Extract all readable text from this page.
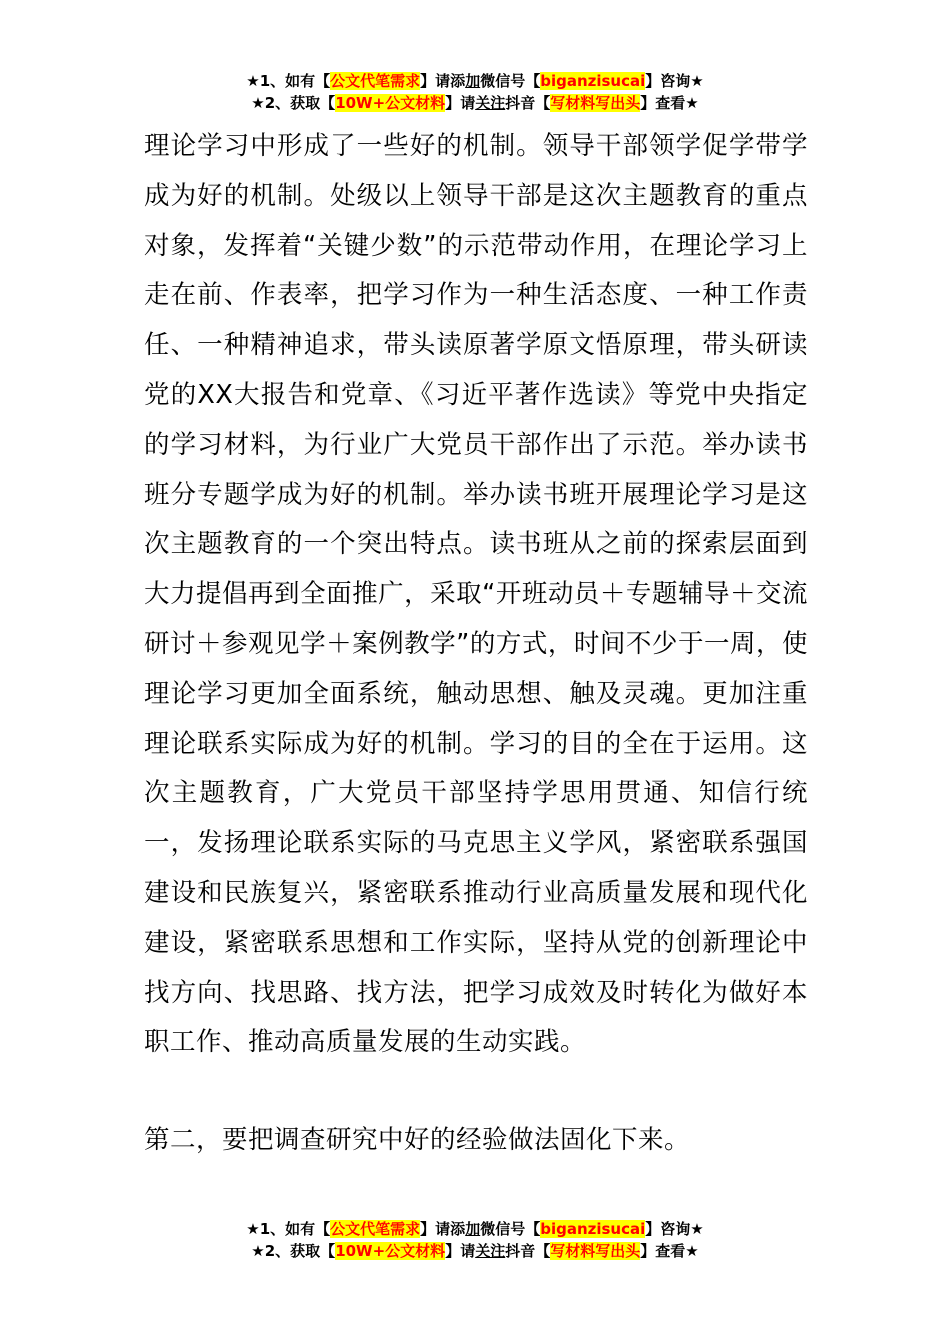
★1、如有【公文代笔需求】请添加微信号【biganzisucai】咨询★
★2、获取【10W+公文材料】请关注抖音【写材料写出头】查看★

理论学习中形成了一些好的机制。领导干部领学促学带学成为好的机制。处级以上领导干部是这次主题教育的重点对象，发挥着“关键少数”的示范带动作用，在理论学习上走在前、作表率，把学习作为一种生活态度、一种工作责任、一种精神追求，带头读原著学原文悟原理，带头研读党的XX大报告和党章、《习近平著作选读》等党中央指定的学习材料，为行业广大党员干部作出了示范。举办读书班分专题学成为好的机制。举办读书班开展理论学习是这次主题教育的一个突出特点。读书班从之前的探索层面到大力提倡再到全面推广，采取“开班动员＋专题辅导＋交流研讨＋参观见学＋案例教学”的方式，时间不少于一周，使理论学习更加全面系统，触动思想、触及灵魂。更加注重理论联系实际成为好的机制。学习的目的全在于运用。这次主题教育，广大党员干部坚持学思用贯通、知信行统一，发扬理论联系实际的马克思主义学风，紧密联系强国建设和民族复兴，紧密联系推动行业高质量发展和现代化建设，紧密联系思想和工作实际，坚持从党的创新理论中找方向、找思路、找方法，把学习成效及时转化为做好本职工作、推动高质量发展的生动实践。

第二，要把调查研究中好的经验做法固化下来。

★1、如有【公文代笔需求】请添加微信号【biganzisucai】咨询★
★2、获取【10W+公文材料】请关注抖音【写材料写出头】查看★
